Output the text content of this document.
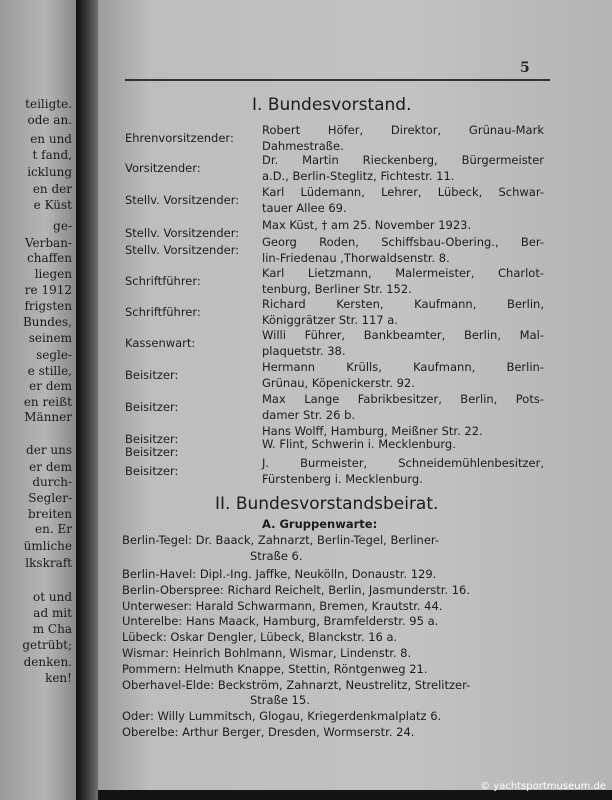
teiligte.
ode an.
en und
t fand,
icklung
en der
e Küst
ge-
Verban-
chaffen
liegen
re 1912
frigsten
Bundes,
seinem
segle-
e stille,
er dem
en reißt
Männer
der uns
er dem
durch-
Segler-
breiten
en. Er
ümliche
lkskraft
ot und
ad mit
m Cha
getrübt;
denken.
ken!
5
I. Bundesvorstand.
Ehrenvorsitzender:
Robert Höfer, Direktor, Grünau-Mark
Dahmestraße.
Vorsitzender:
Dr. Martin Rieckenberg, Bürgermeister
a.D., Berlin-Steglitz, Fichtestr. 11.
Stellv. Vorsitzender:
Karl Lüdemann, Lehrer, Lübeck, Schwar-
tauer Allee 69.
Stellv. Vorsitzender:
Max Küst, † am 25. November 1923.
Stellv. Vorsitzender:
Georg Roden, Schiffsbau-Obering., Ber-
lin-Friedenau ,Thorwaldsenstr. 8.
Schriftführer:
Karl Lietzmann, Malermeister, Charlot-
tenburg, Berliner Str. 152.
Schriftführer:
Richard Kersten, Kaufmann, Berlin,
Königgrätzer Str. 117 a.
Kassenwart:
Willi Führer, Bankbeamter, Berlin, Mal-
plaquetstr. 38.
Beisitzer:
Hermann Krülls, Kaufmann, Berlin-
Grünau, Köpenickerstr. 92.
Beisitzer:
Max Lange Fabrikbesitzer, Berlin, Pots-
damer Str. 26 b.
Beisitzer:
Hans Wolff, Hamburg, Meißner Str. 22.
Beisitzer:
W. Flint, Schwerin i. Mecklenburg.
Beisitzer:
J. Burmeister, Schneidemühlenbesitzer,
Fürstenberg i. Mecklenburg.
II. Bundesvorstandsbeirat.
A. Gruppenwarte:
Berlin-Tegel: Dr. Baack, Zahnarzt, Berlin-Tegel, Berliner-
Straße 6.
Berlin-Havel: Dipl.-Ing. Jaffke, Neukölln, Donaustr. 129.
Berlin-Oberspree: Richard Reichelt, Berlin, Jasmunderstr. 16.
Unterweser: Harald Schwarmann, Bremen, Krautstr. 44.
Unterelbe: Hans Maack, Hamburg, Bramfelderstr. 95 a.
Lübeck: Oskar Dengler, Lübeck, Blanckstr. 16 a.
Wismar: Heinrich Bohlmann, Wismar, Lindenstr. 8.
Pommern: Helmuth Knappe, Stettin, Röntgenweg 21.
Oberhavel-Elde: Beckström, Zahnarzt, Neustrelitz, Strelitzer-
Straße 15.
Oder: Willy Lummitsch, Glogau, Kriegerdenkmalplatz 6.
Oberelbe: Arthur Berger, Dresden, Wormserstr. 24.
© yachtsportmuseum.de
